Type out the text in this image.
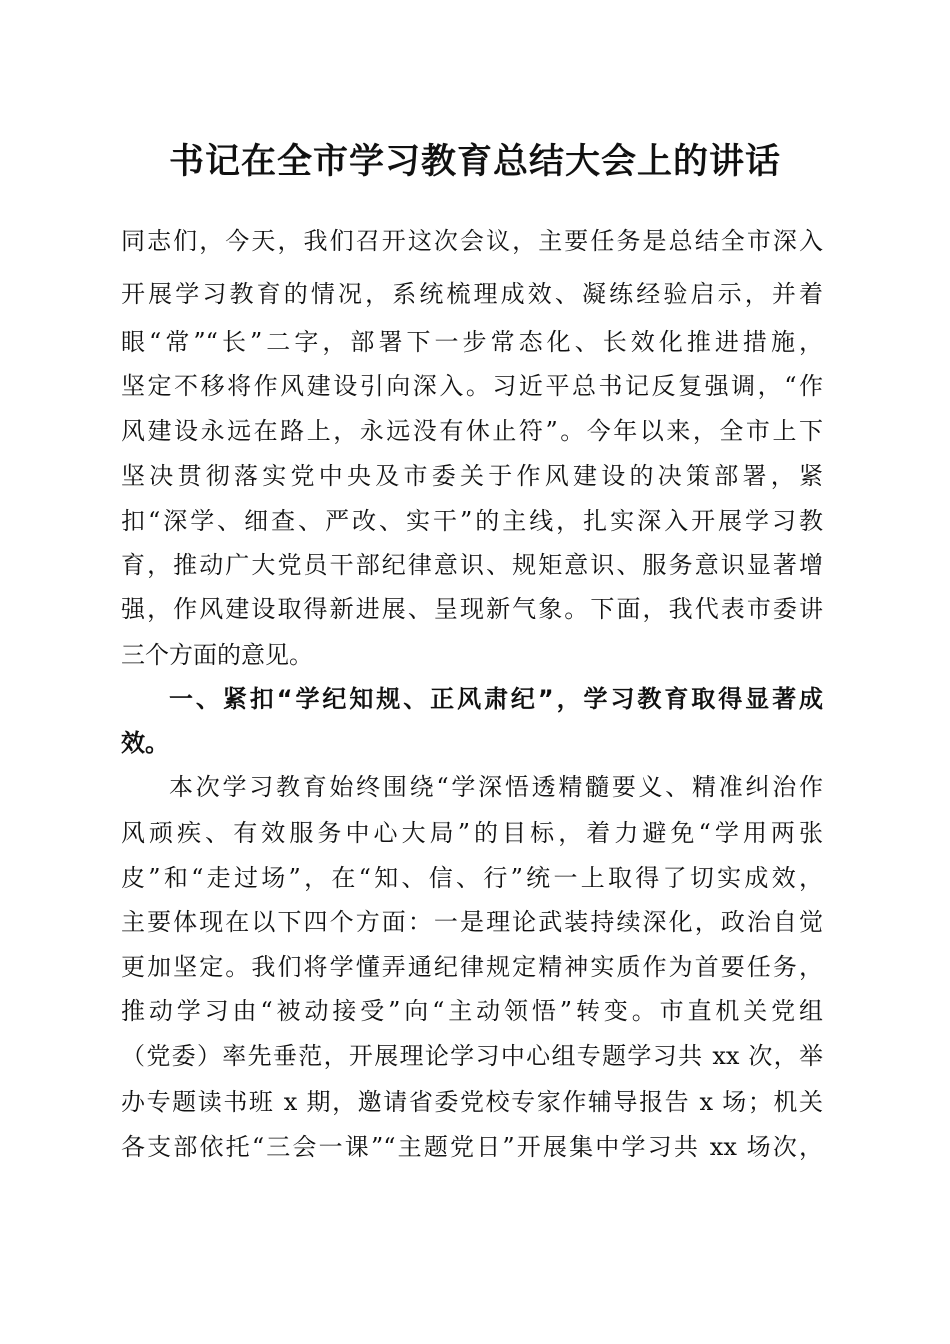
书记在全市学习教育总结大会上的讲话
同志们，今天，我们召开这次会议，主要任务是总结全市深入
开展学习教育的情况，系统梳理成效、凝练经验启示，并着
眼“常”“长”二字，部署下一步常态化、长效化推进措施，
坚定不移将作风建设引向深入。习近平总书记反复强调，“作
风建设永远在路上，永远没有休止符”。今年以来，全市上下
坚决贯彻落实党中央及市委关于作风建设的决策部署，紧
扣“深学、细查、严改、实干”的主线，扎实深入开展学习教
育，推动广大党员干部纪律意识、规矩意识、服务意识显著增
强，作风建设取得新进展、呈现新气象。下面，我代表市委讲
三个方面的意见。
一、紧扣“学纪知规、正风肃纪”，学习教育取得显著成
效。
本次学习教育始终围绕“学深悟透精髓要义、精准纠治作
风顽疾、有效服务中心大局”的目标，着力避免“学用两张
皮”和“走过场”，在“知、信、行”统一上取得了切实成效，
主要体现在以下四个方面：一是理论武装持续深化，政治自觉
更加坚定。我们将学懂弄通纪律规定精神实质作为首要任务，
推动学习由“被动接受”向“主动领悟”转变。市直机关党组
（党委）率先垂范，开展理论学习中心组专题学习共 xx 次，举
办专题读书班 x 期，邀请省委党校专家作辅导报告 x 场；机关
各支部依托“三会一课”“主题党日”开展集中学习共 xx 场次，
